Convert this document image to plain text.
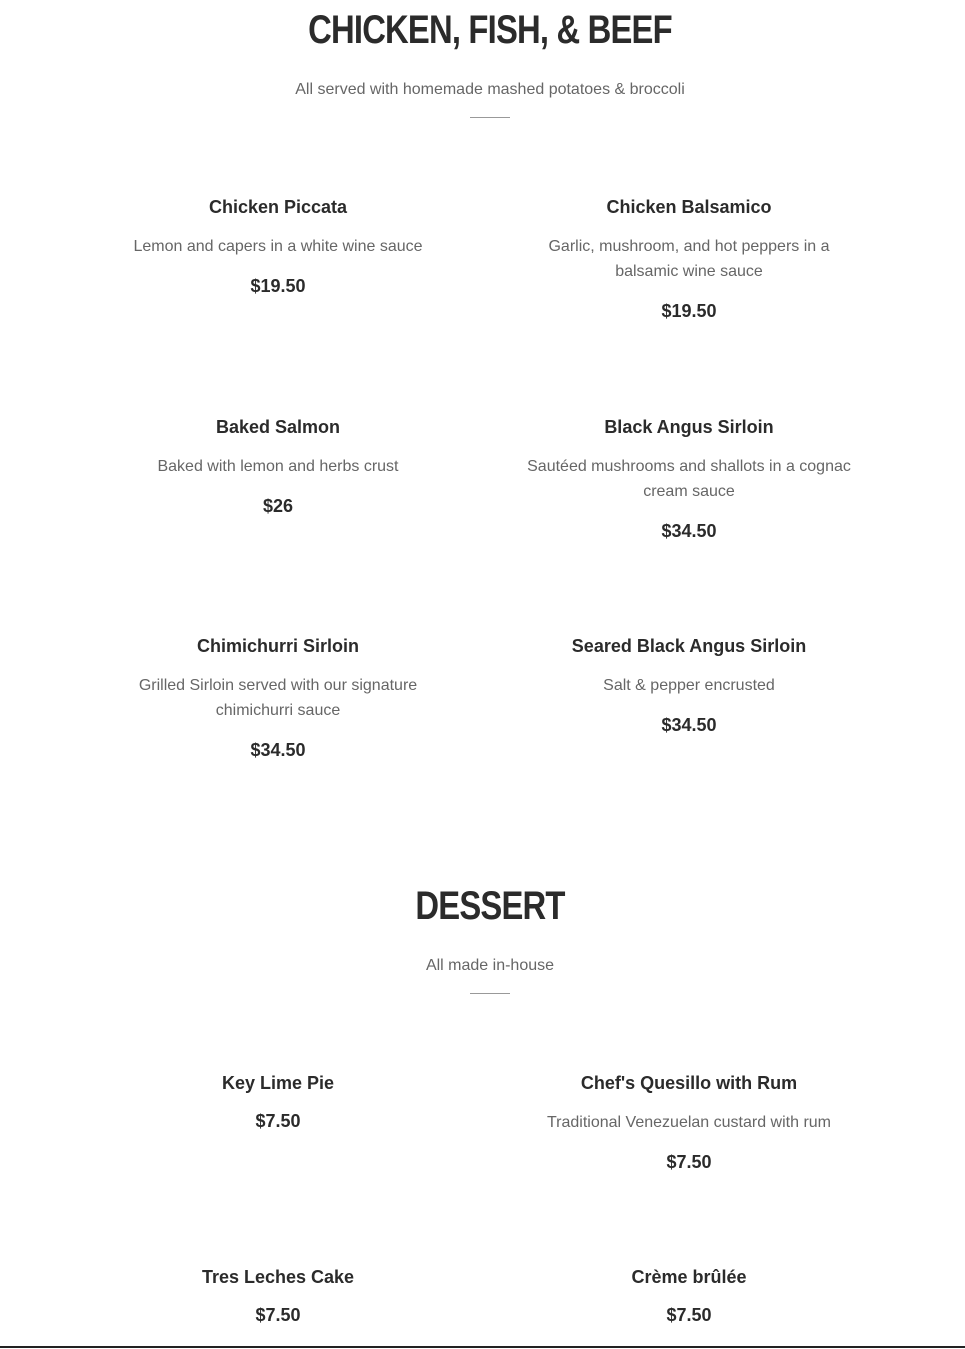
CHICKEN, FISH, & BEEF

All served with homemade mashed potatoes & broccoli

Chicken Piccata

Lemon and capers in a white wine sauce

$19.50

Chicken Balsamico

Garlic, mushroom, and hot peppers in a balsamic wine sauce

$19.50

Baked Salmon

Baked with lemon and herbs crust

$26

Black Angus Sirloin

Sautéed mushrooms and shallots in a cognac cream sauce

$34.50

Chimichurri Sirloin

Grilled Sirloin served with our signature chimichurri sauce

$34.50

Seared Black Angus Sirloin

Salt & pepper encrusted

$34.50

DESSERT

All made in-house

Key Lime Pie

$7.50

Chef's Quesillo with Rum

Traditional Venezuelan custard with rum

$7.50

Tres Leches Cake

$7.50

Crème brûlée

$7.50
